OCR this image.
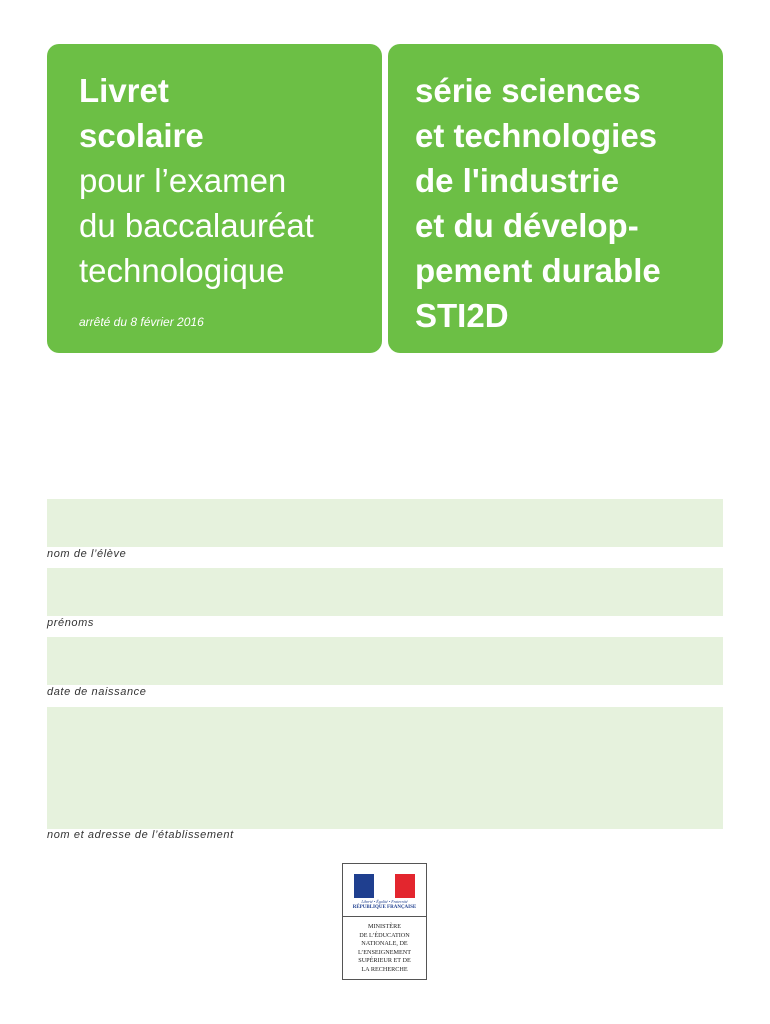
Livret
scolaire
pour l’examen
du baccalauréat
technologique
arrêté du 8 février 2016
série sciences
et technologies
de l'industrie
et du dévelop-
pement durable
STI2D
nom de l’élève
prénoms
date de naissance
nom et adresse de l’établissement
Liberté • Égalité • Fraternité
RÉPUBLIQUE FRANÇAISE
MINISTÈRE
DE L’ÉDUCATION
NATIONALE, DE
L’ENSEIGNEMENT
SUPÉRIEUR ET DE
LA RECHERCHE
